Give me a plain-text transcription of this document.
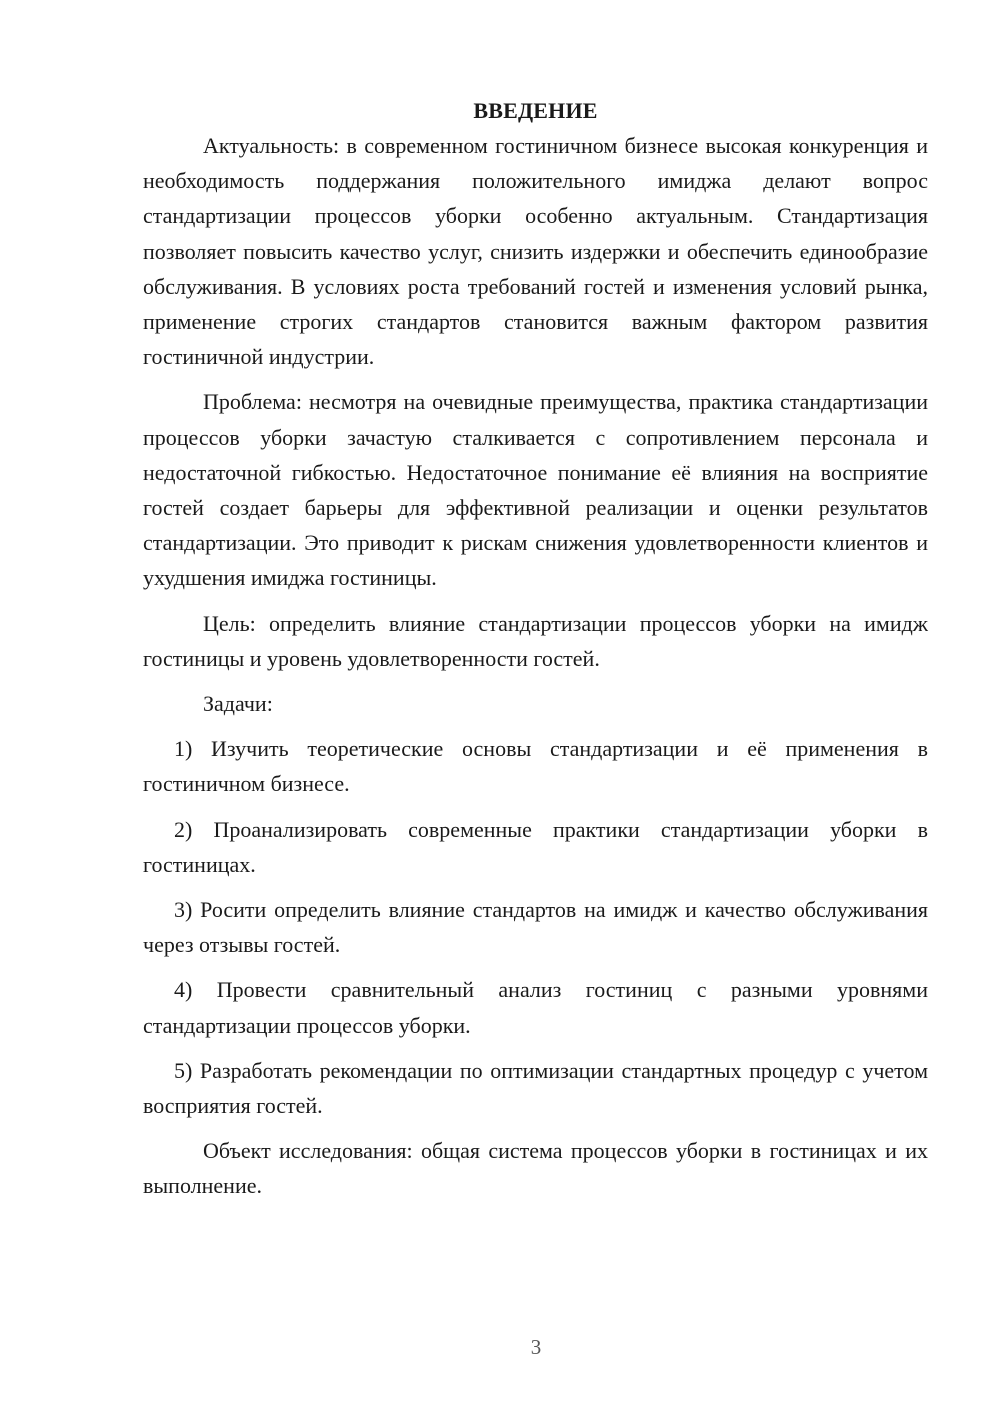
ВВЕДЕНИЕ

Актуальность: в современном гостиничном бизнесе высокая конкуренция и необходимость поддержания положительного имиджа делают вопрос стандартизации процессов уборки особенно актуальным. Стандартизация позволяет повысить качество услуг, снизить издержки и обеспечить единообразие обслуживания. В условиях роста требований гостей и изменения условий рынка, применение строгих стандартов становится важным фактором развития гостиничной индустрии.

Проблема: несмотря на очевидные преимущества, практика стандартизации процессов уборки зачастую сталкивается с сопротивлением персонала и недостаточной гибкостью. Недостаточное понимание её влияния на восприятие гостей создает барьеры для эффективной реализации и оценки результатов стандартизации. Это приводит к рискам снижения удовлетворенности клиентов и ухудшения имиджа гостиницы.

Цель: определить влияние стандартизации процессов уборки на имидж гостиницы и уровень удовлетворенности гостей.

Задачи:

1) Изучить теоретические основы стандартизации и её применения в гостиничном бизнесе.

2) Проанализировать современные практики стандартизации уборки в гостиницах.

3) Росити определить влияние стандартов на имидж и качество обслуживания через отзывы гостей.

4) Провести сравнительный анализ гостиниц с разными уровнями стандартизации процессов уборки.

5) Разработать рекомендации по оптимизации стандартных процедур с учетом восприятия гостей.

Объект исследования: общая система процессов уборки в гостиницах и их выполнение.

3
